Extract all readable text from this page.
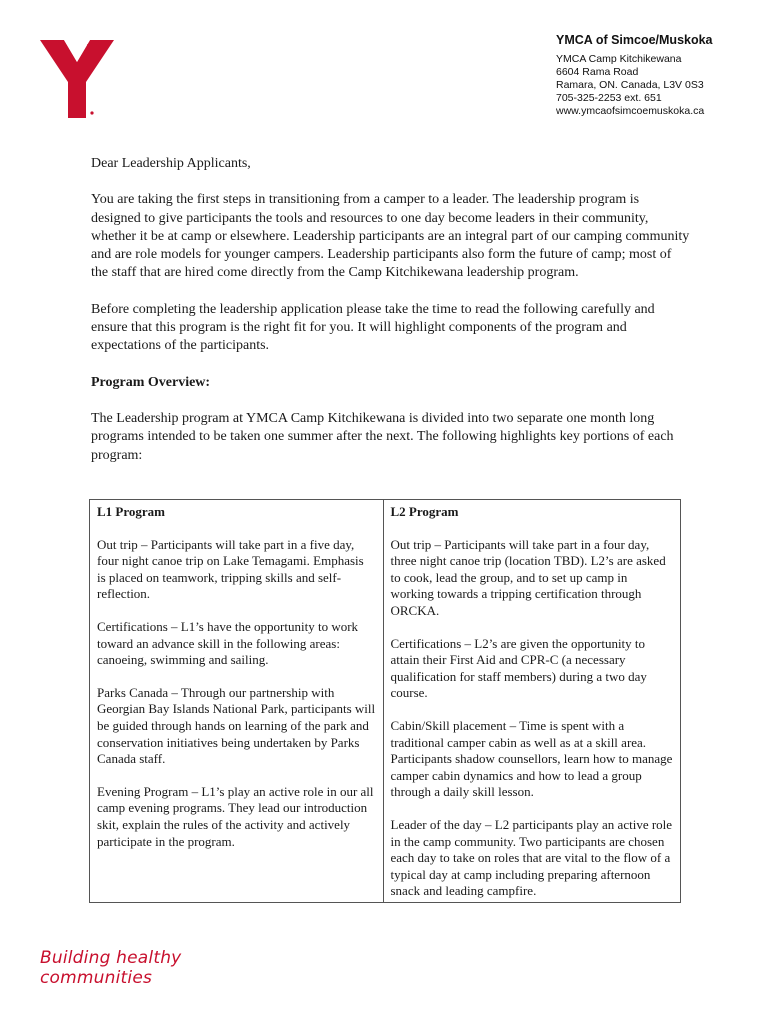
YMCA of Simcoe/Muskoka
YMCA Camp Kitchikewana
6604 Rama Road
Ramara, ON. Canada, L3V 0S3
705-325-2253 ext. 651
www.ymcaofsimcoemuskoka.ca
Dear Leadership Applicants,
You are taking the first steps in transitioning from a camper to a leader. The leadership program is designed to give participants the tools and resources to one day become leaders in their community, whether it be at camp or elsewhere. Leadership participants are an integral part of our camping community and are role models for younger campers. Leadership participants also form the future of camp; most of the staff that are hired come directly from the Camp Kitchikewana leadership program.
Before completing the leadership application please take the time to read the following carefully and ensure that this program is the right fit for you. It will highlight components of the program and expectations of the participants.
Program Overview:
The Leadership program at YMCA Camp Kitchikewana is divided into two separate one month long programs intended to be taken one summer after the next. The following highlights key portions of each program:
L1 Program
Out trip – Participants will take part in a five day, four night canoe trip on Lake Temagami. Emphasis is placed on teamwork, tripping skills and self-reflection.
Certifications – L1’s have the opportunity to work toward an advance skill in the following areas: canoeing, swimming and sailing.
Parks Canada – Through our partnership with Georgian Bay Islands National Park, participants will be guided through hands on learning of the park and conservation initiatives being undertaken by Parks Canada staff.
Evening Program – L1’s play an active role in our all camp evening programs. They lead our introduction skit, explain the rules of the activity and actively participate in the program.

L2 Program
Out trip – Participants will take part in a four day, three night canoe trip (location TBD). L2’s are asked to cook, lead the group, and to set up camp in working towards a tripping certification through ORCKA.
Certifications – L2’s are given the opportunity to attain their First Aid and CPR-C (a necessary qualification for staff members) during a two day course.
Cabin/Skill placement – Time is spent with a traditional camper cabin as well as at a skill area. Participants shadow counsellors, learn how to manage camper cabin dynamics and how to lead a group through a daily skill lesson.
Leader of the day – L2 participants play an active role in the camp community. Two participants are chosen each day to take on roles that are vital to the flow of a typical day at camp including preparing afternoon snack and leading campfire.
Building healthy
communities
